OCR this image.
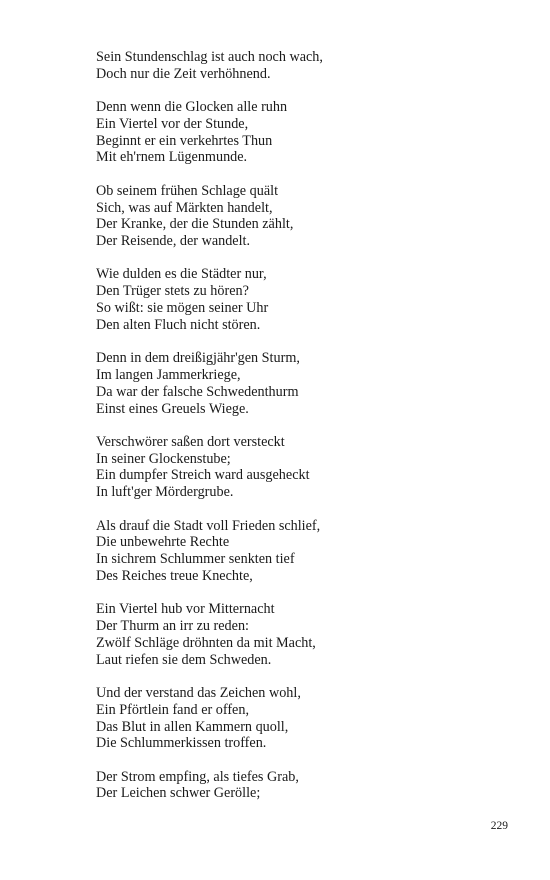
Sein Stundenschlag ist auch noch wach,
Doch nur die Zeit verhöhnend.
Denn wenn die Glocken alle ruhn
Ein Viertel vor der Stunde,
Beginnt er ein verkehrtes Thun
Mit eh'rnem Lügenmunde.
Ob seinem frühen Schlage quält
Sich, was auf Märkten handelt,
Der Kranke, der die Stunden zählt,
Der Reisende, der wandelt.
Wie dulden es die Städter nur,
Den Trüger stets zu hören?
So wißt: sie mögen seiner Uhr
Den alten Fluch nicht stören.
Denn in dem dreißigjähr'gen Sturm,
Im langen Jammerkriege,
Da war der falsche Schwedenthurm
Einst eines Greuels Wiege.
Verschwörer saßen dort versteckt
In seiner Glockenstube;
Ein dumpfer Streich ward ausgeheckt
In luft'ger Mördergrube.
Als drauf die Stadt voll Frieden schlief,
Die unbewehrte Rechte
In sichrem Schlummer senkten tief
Des Reiches treue Knechte,
Ein Viertel hub vor Mitternacht
Der Thurm an irr zu reden:
Zwölf Schläge dröhnten da mit Macht,
Laut riefen sie dem Schweden.
Und der verstand das Zeichen wohl,
Ein Pförtlein fand er offen,
Das Blut in allen Kammern quoll,
Die Schlummerkissen troffen.
Der Strom empfing, als tiefes Grab,
Der Leichen schwer Gerölle;
229
